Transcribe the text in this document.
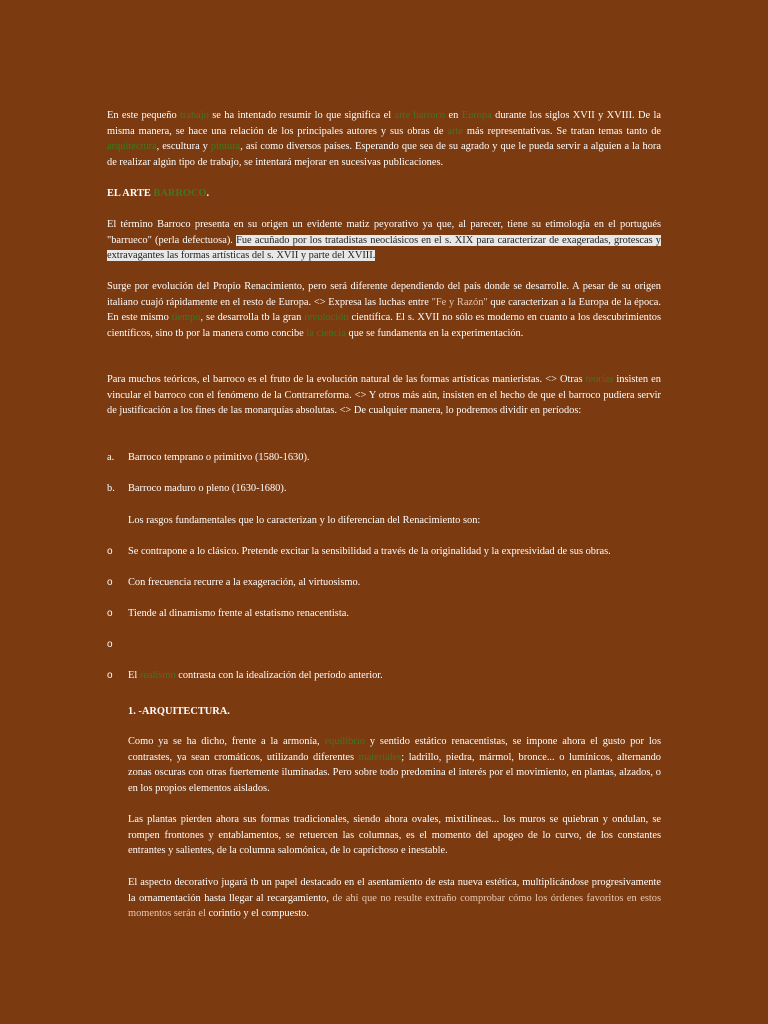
En este pequeño trabajo se ha intentado resumir lo que significa el arte barroco en Europa durante los siglos XVII y XVIII. De la misma manera, se hace una relación de los principales autores y sus obras de arte más representativas. Se tratan temas tanto de arquitectura, escultura y pintura, así como diversos países. Esperando que sea de su agrado y que le pueda servir a alguien a la hora de realizar algún tipo de trabajo, se intentará mejorar en sucesivas publicaciones.

EL ARTE BARROCO.

El término Barroco presenta en su origen un evidente matiz peyorativo ya que, al parecer, tiene su etimología en el portugués "barrueco" (perla defectuosa). Fue acuñado por los tratadistas neoclásicos en el s. XIX para caracterizar de exageradas, grotescas y extravagantes las formas artísticas del s. XVII y parte del XVIII.

Surge por evolución del Propio Renacimiento, pero será diferente dependiendo del país donde se desarrolle. A pesar de su origen italiano cuajó rápidamente en el resto de Europa. <> Expresa las luchas entre "Fe y Razón" que caracterizan a la Europa de la época. En este mismo tiempo, se desarrolla tb la gran revolución científica. El s. XVII no sólo es moderno en cuanto a los descubrimientos científicos, sino tb por la manera como concibe la ciencia que se fundamenta en la experimentación.

Para muchos teóricos, el barroco es el fruto de la evolución natural de las formas artísticas manieristas. <> Otras teorías insisten en vincular el barroco con el fenómeno de la Contrarreforma. <> Y otros más aún, insisten en el hecho de que el barroco pudiera servir de justificación a los fines de las monarquías absolutas. <> De cualquier manera, lo podremos dividir en períodos:

a. Barroco temprano o primitivo (1580-1630).
b. Barroco maduro o pleno (1630-1680).

Los rasgos fundamentales que lo caracterizan y lo diferencian del Renacimiento son:

o Se contrapone a lo clásico. Pretende excitar la sensibilidad a través de la originalidad y la expresividad de sus obras.
o Con frecuencia recurre a la exageración, al virtuosismo.
o Tiende al dinamismo frente al estatismo renacentista.
o
o El realismo contrasta con la idealización del período anterior.

1. -ARQUITECTURA.

Como ya se ha dicho, frente a la armonía, equilibrio y sentido estático renacentistas, se impone ahora el gusto por los contrastes, ya sean cromáticos, utilizando diferentes materiales; ladrillo, piedra, mármol, bronce... o lumínicos, alternando zonas oscuras con otras fuertemente iluminadas. Pero sobre todo predomina el interés por el movimiento, en plantas, alzados, o en los propios elementos aislados.

Las plantas pierden ahora sus formas tradicionales, siendo ahora ovales, mixtilíneas... los muros se quiebran y ondulan, se rompen frontones y entablamentos, se retuercen las columnas, es el momento del apogeo de lo curvo, de los constantes entrantes y salientes, de la columna salomónica, de lo caprichoso e inestable.

El aspecto decorativo jugará tb un papel destacado en el asentamiento de esta nueva estética, multiplicándose progresivamente la ornamentación hasta llegar al recargamiento, de ahí que no resulte extraño comprobar cómo los órdenes favoritos en estos momentos serán el corintio y el compuesto.
